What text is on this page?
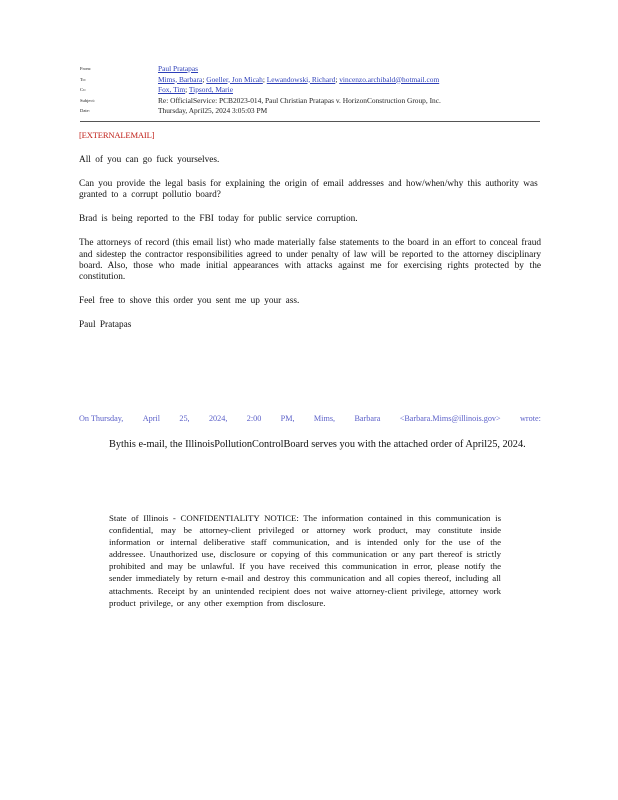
From:	Paul Pratapas
To:	Mims, Barbara; Goeller, Jon Micah; Lewandowski, Richard; vincenzo.archibald@hotmail.com
Cc:	Fox, Tim; Tipsord, Marie
Subject:	Re: OfficialService: PCB2023-014, Paul Christian Pratapas v. HorizonConstruction Group, Inc.
Date:	Thursday, April25, 2024 3:05:03 PM
[EXTERNALEMAIL]

All of you can go fuck yourselves.

Can you provide the legal basis for explaining the origin of email addresses and how/when/why this authority was granted to a corrupt pollutio board?

Brad is being reported to the FBI today for public service corruption.

The attorneys of record (this email list) who made materially false statements to the board in an effort to conceal fraud and sidestep the contractor responsibilities agreed to under penalty of law will be reported to the attorney disciplinary board. Also, those who made initial appearances with attacks against me for exercising rights protected by the constitution.

Feel free to shove this order you sent me up your ass.

Paul Pratapas

On Thursday, April 25, 2024, 2:00 PM, Mims, Barbara <Barbara.Mims@illinois.gov> wrote:
Bythis e-mail, the IllinoisPollutionControlBoard serves you with the attached order of April25, 2024.
State of Illinois - CONFIDENTIALITY NOTICE: The information contained in this communication is confidential, may be attorney-client privileged or attorney work product, may constitute inside information or internal deliberative staff communication, and is intended only for the use of the addressee. Unauthorized use, disclosure or copying of this communication or any part thereof is strictly prohibited and may be unlawful. If you have received this communication in error, please notify the sender immediately by return e-mail and destroy this communication and all copies thereof, including all attachments. Receipt by an unintended recipient does not waive attorney-client privilege, attorney work product privilege, or any other exemption from disclosure.
